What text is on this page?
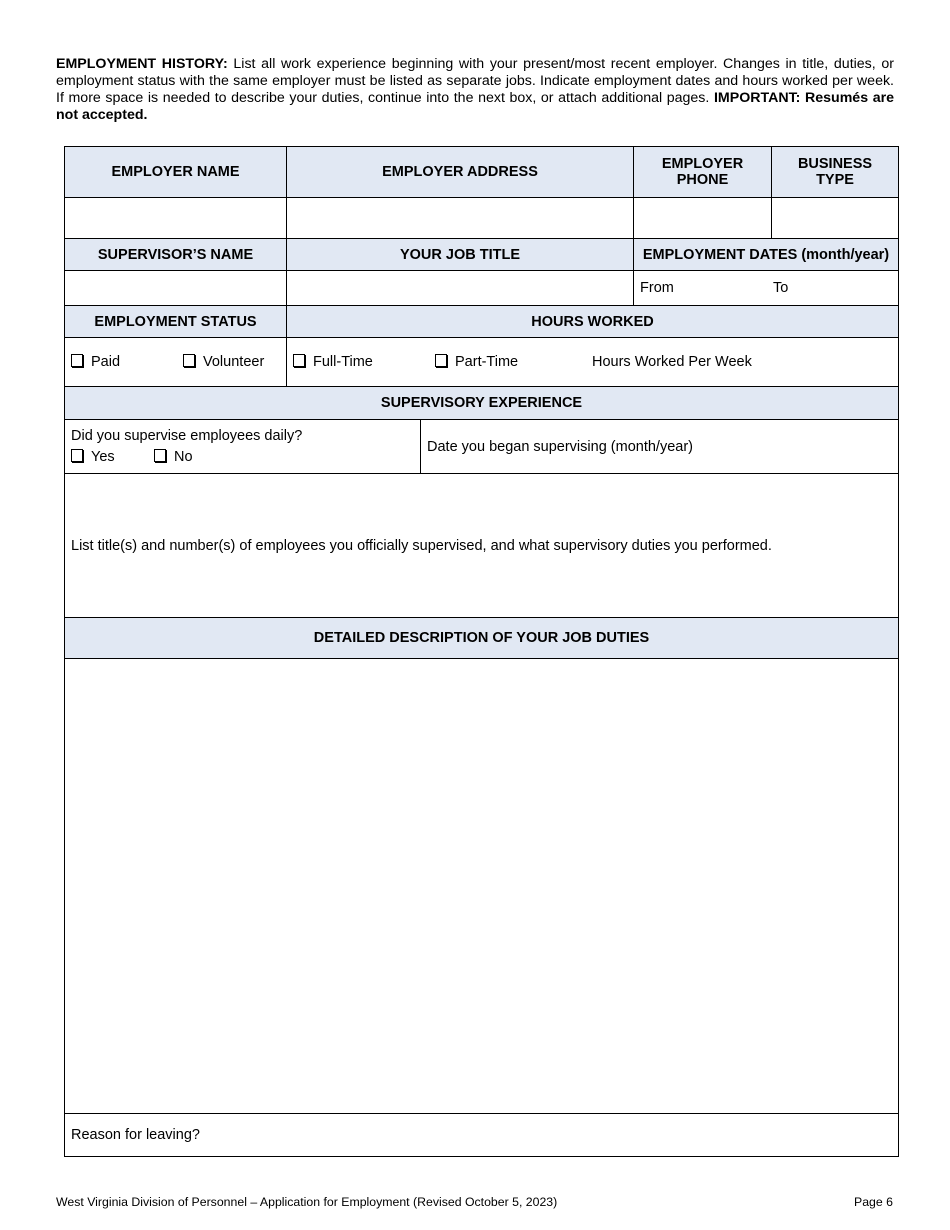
EMPLOYMENT HISTORY: List all work experience beginning with your present/most recent employer. Changes in title, duties, or employment status with the same employer must be listed as separate jobs. Indicate employment dates and hours worked per week. If more space is needed to describe your duties, continue into the next box, or attach additional pages. IMPORTANT: Resumés are not accepted.

EMPLOYER NAME	EMPLOYER ADDRESS		EMPLOYER PHONE	BUSINESS TYPE

SUPERVISOR’S NAME	YOUR JOB TITLE		EMPLOYMENT DATES (month/year)	
			From To	
EMPLOYMENT STATUS	HOURS WORKED			
Paid Volunteer	Full-Time Part-Time Hours Worked Per Week			
SUPERVISORY EXPERIENCE				

Did you supervise employees daily?
Yes No		Date you began supervising (month/year)		
List title(s) and number(s) of employees you officially supervised, and what supervisory duties you performed.				
DETAILED DESCRIPTION OF YOUR JOB DUTIES				

Reason for leaving?				
West Virginia Division of Personnel – Application for Employment (Revised October 5, 2023)	Page 6
